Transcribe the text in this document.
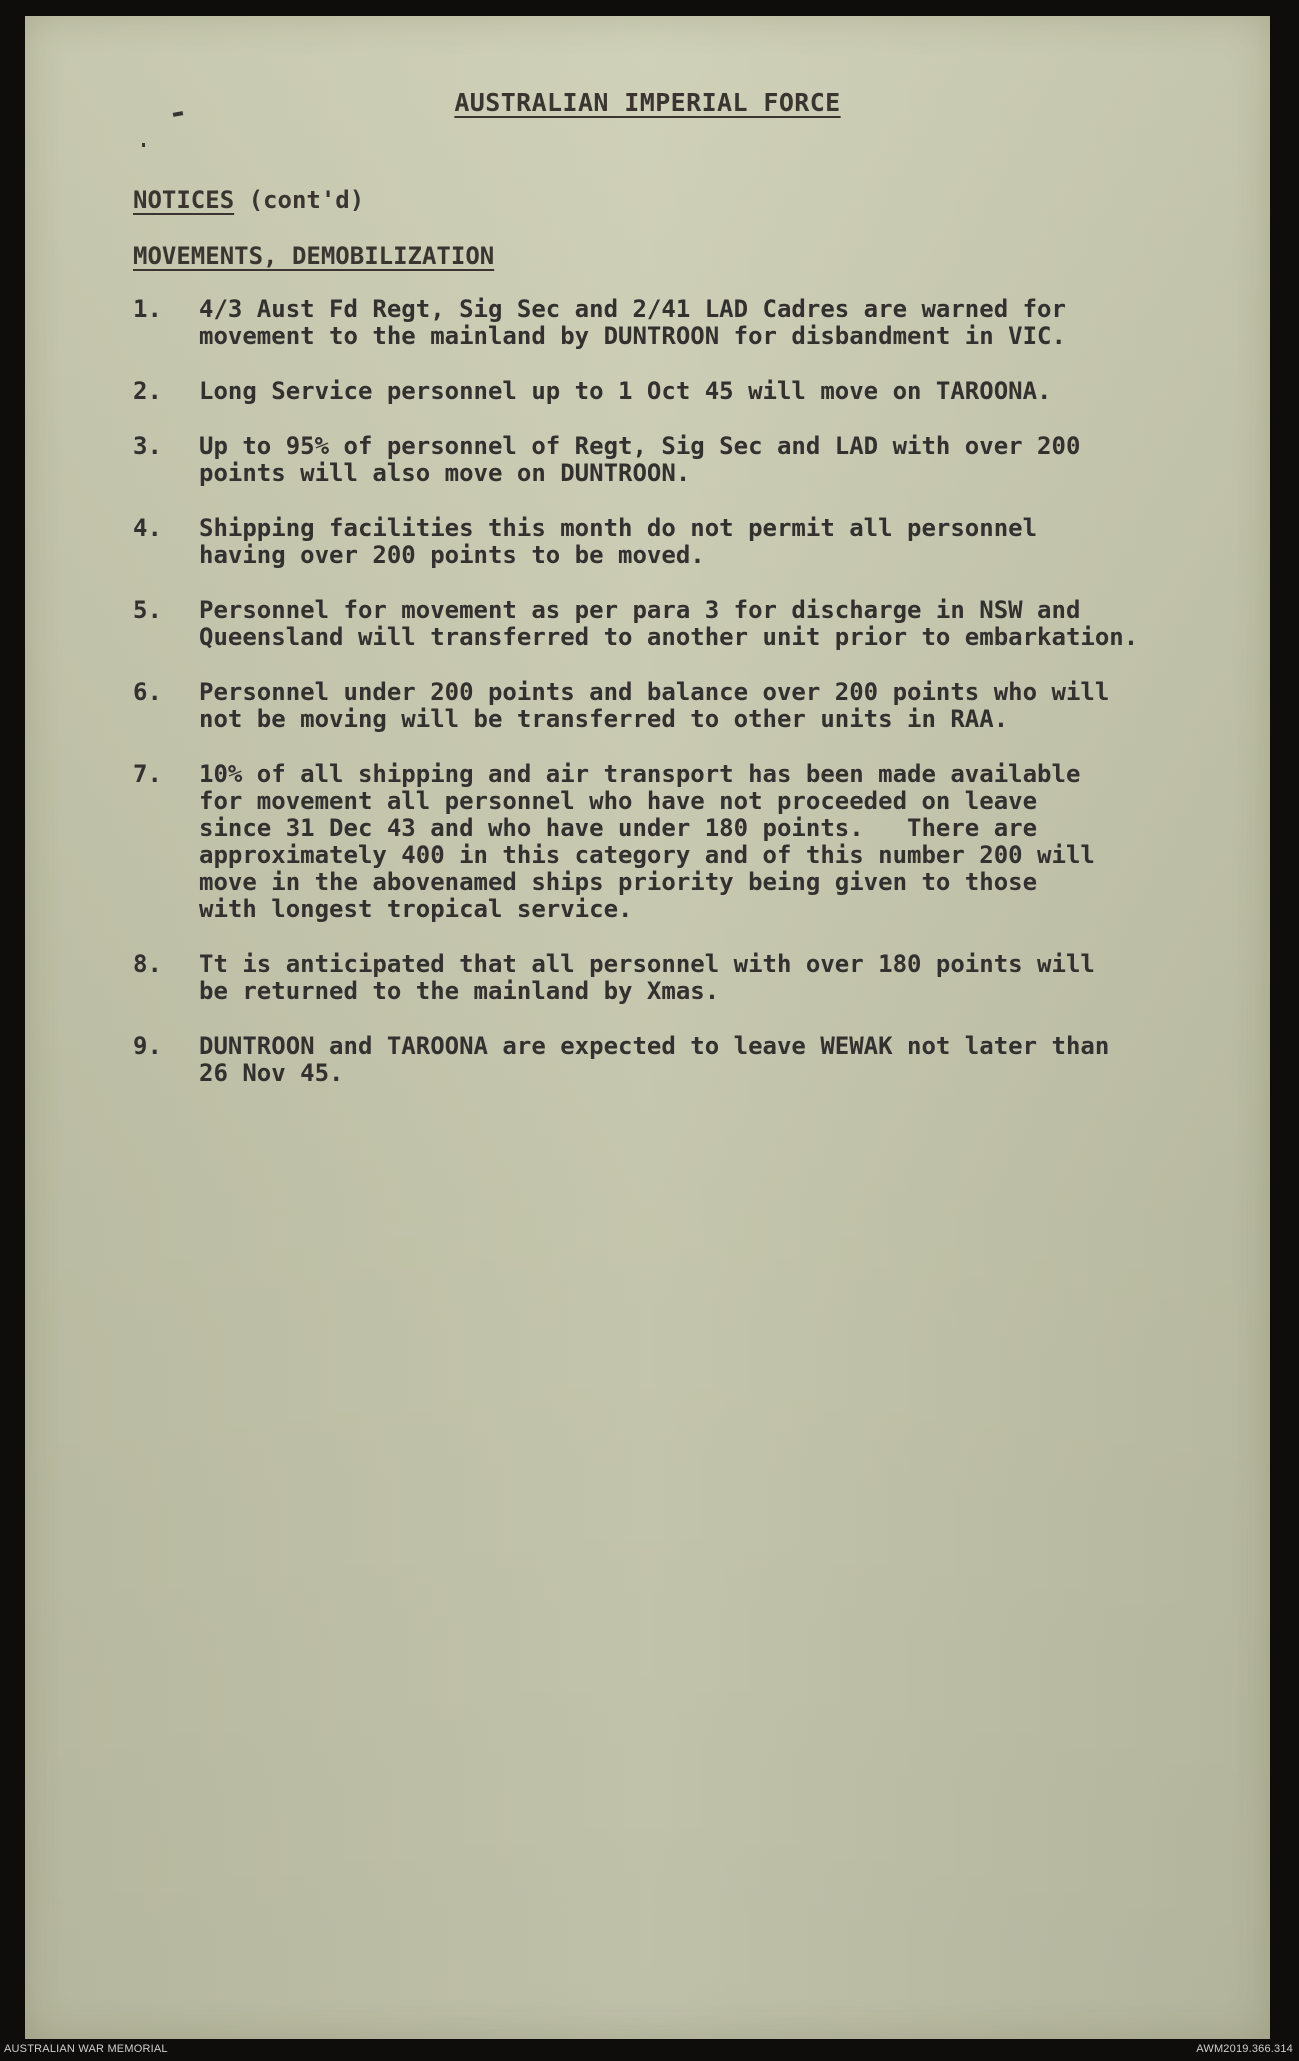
AUSTRALIAN IMPERIAL FORCE
NOTICES (cont'd)
MOVEMENTS, DEMOBILIZATION
1.	4/3 Aust Fd Regt, Sig Sec and 2/41 LAD Cadres are warned for
movement to the mainland by DUNTROON for disbandment in VIC.
2.	Long Service personnel up to 1 Oct 45 will move on TAROONA.
3.	Up to 95% of personnel of Regt, Sig Sec and LAD with over 200
points will also move on DUNTROON.
4.	Shipping facilities this month do not permit all personnel
having over 200 points to be moved.
5.	Personnel for movement as per para 3 for discharge in NSW and
Queensland will transferred to another unit prior to embarkation.
6.	Personnel under 200 points and balance over 200 points who will
not be moving will be transferred to other units in RAA.
7.	10% of all shipping and air transport has been made available
for movement all personnel who have not proceeded on leave
since 31 Dec 43 and who have under 180 points.   There are
approximately 400 in this category and of this number 200 will
move in the abovenamed ships priority being given to those
with longest tropical service.
8.	Tt is anticipated that all personnel with over 180 points will
be returned to the mainland by Xmas.
9.	DUNTROON and TAROONA are expected to leave WEWAK not later than
26 Nov 45.
AUSTRALIAN WAR MEMORIAL	AWM2019.366.314
